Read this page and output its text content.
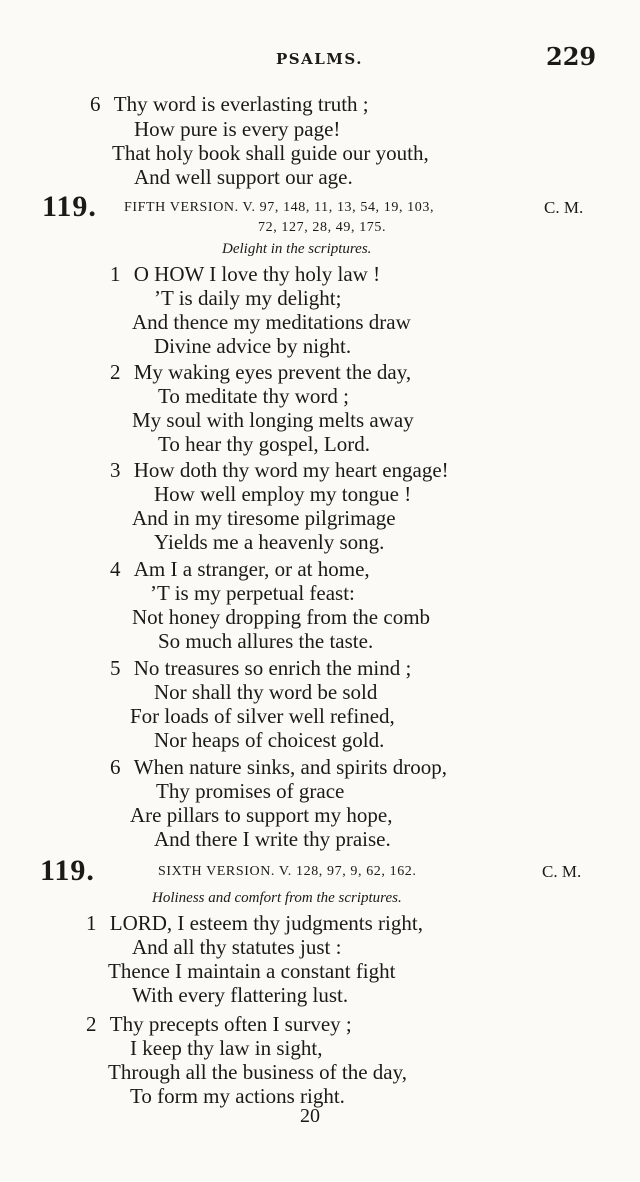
PSALMS.	229
6 Thy word is everlasting truth ;
How pure is every page!
That holy book shall guide our youth,
And well support our age.
119. FIFTH VERSION. V. 97, 148, 11, 13, 54, 19, 103,	C. M.
72, 127, 28, 49, 175.
Delight in the scriptures.
1 O HOW I love thy holy law !
’T is daily my delight;
And thence my meditations draw
Divine advice by night.
2 My waking eyes prevent the day,
To meditate thy word ;
My soul with longing melts away
To hear thy gospel, Lord.
3 How doth thy word my heart engage!
How well employ my tongue !
And in my tiresome pilgrimage
Yields me a heavenly song.
4 Am I a stranger, or at home,
’T is my perpetual feast:
Not honey dropping from the comb
So much allures the taste.
5 No treasures so enrich the mind ;
Nor shall thy word be sold
For loads of silver well refined,
Nor heaps of choicest gold.
6 When nature sinks, and spirits droop,
Thy promises of grace
Are pillars to support my hope,
And there I write thy praise.
119.	SIXTH VERSION. V. 128, 97, 9, 62, 162.	C. M.
Holiness and comfort from the scriptures.
1 LORD, I esteem thy judgments right,
And all thy statutes just :
Thence I maintain a constant fight
With every flattering lust.
2 Thy precepts often I survey ;
I keep thy law in sight,
Through all the business of the day,
To form my actions right.
20
